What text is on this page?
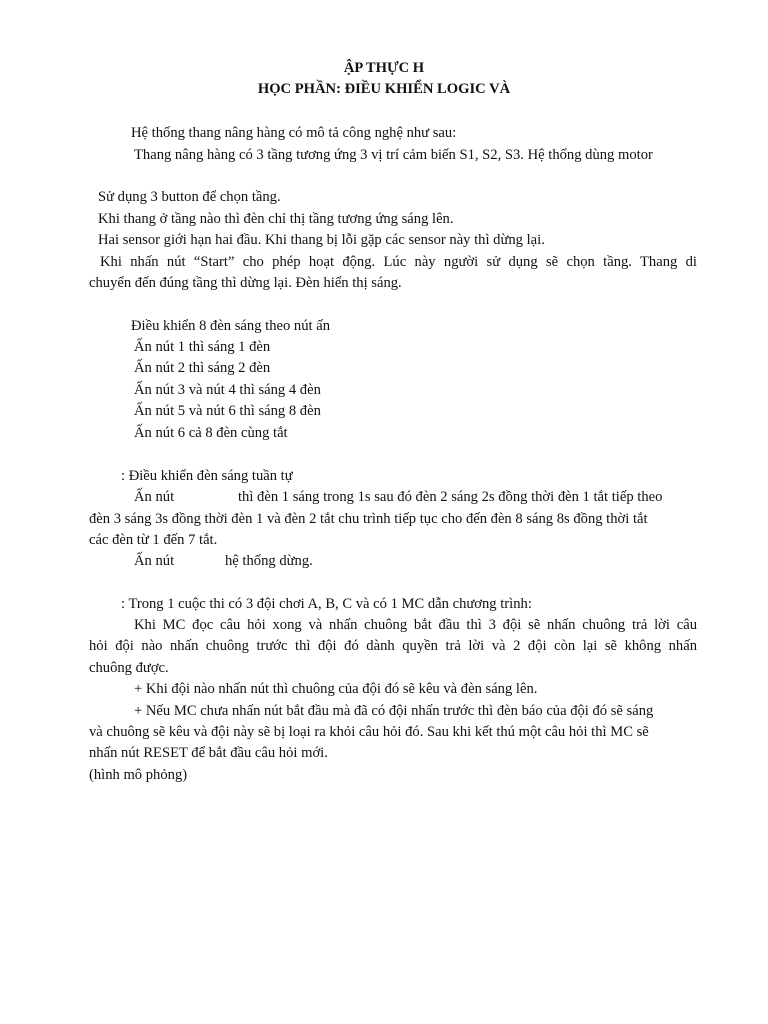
ẬP THỰC H

HỌC PHẦN: ĐIỀU KHIỂN LOGIC VÀ

Hệ thống thang nâng hàng có mô tả công nghệ như sau:

Thang nâng hàng có 3 tầng tương ứng 3 vị trí cảm biến S1, S2, S3. Hệ thống dùng motor

Sử dụng 3 button để chọn tầng.

Khi thang ở tầng nào thì đèn chỉ thị tầng tương ứng sáng lên.

Hai sensor giới hạn hai đầu. Khi thang bị lỗi gặp các sensor này thì dừng lại.

Khi nhấn nút “Start” cho phép hoạt động. Lúc này người sử dụng sẽ chọn tầng. Thang di

chuyển đến đúng tầng thì dừng lại. Đèn hiển thị sáng.

Điều khiển 8 đèn sáng theo nút ấn

Ấn nút 1 thì sáng 1 đèn

Ấn nút 2 thì sáng 2 đèn

Ấn nút 3 và nút 4 thì sáng 4 đèn

Ấn nút 5 và nút 6 thì sáng 8 đèn

Ấn nút 6 cả 8 đèn cùng tắt

: Điều khiển đèn sáng tuần tự

Ấn nút	thì đèn 1 sáng trong 1s sau đó đèn 2 sáng 2s đồng thời đèn 1 tắt tiếp theo

đèn 3 sáng 3s đồng thời đèn 1 và đèn 2 tắt chu trình tiếp tục cho đến đèn 8 sáng 8s đồng thời tắt

các đèn từ 1 đến 7 tắt.

Ấn nút	hệ thống dừng.

: Trong 1 cuộc thi có 3 đội chơi A, B, C và có 1 MC dẫn chương trình:

Khi MC đọc câu hỏi xong và nhấn chuông bắt đầu thì 3 đội sẽ nhấn chuông trả lời câu

hỏi đội nào nhấn chuông trước thì đội đó dành quyền trả lời và 2 đội còn lại sẽ không nhấn

chuông được.

+ Khi đội nào nhấn nút thì chuông của đội đó sẽ kêu và đèn sáng lên.

+ Nếu MC chưa nhấn nút bắt đầu mà đã có đội nhấn trước thì đèn báo của đội đó sẽ sáng

và chuông sẽ kêu và đội này sẽ bị loại ra khỏi câu hỏi đó. Sau khi kết thú một câu hỏi thì MC sẽ

nhấn nút RESET để bắt đầu câu hỏi mới.

(hình mô phỏng)
